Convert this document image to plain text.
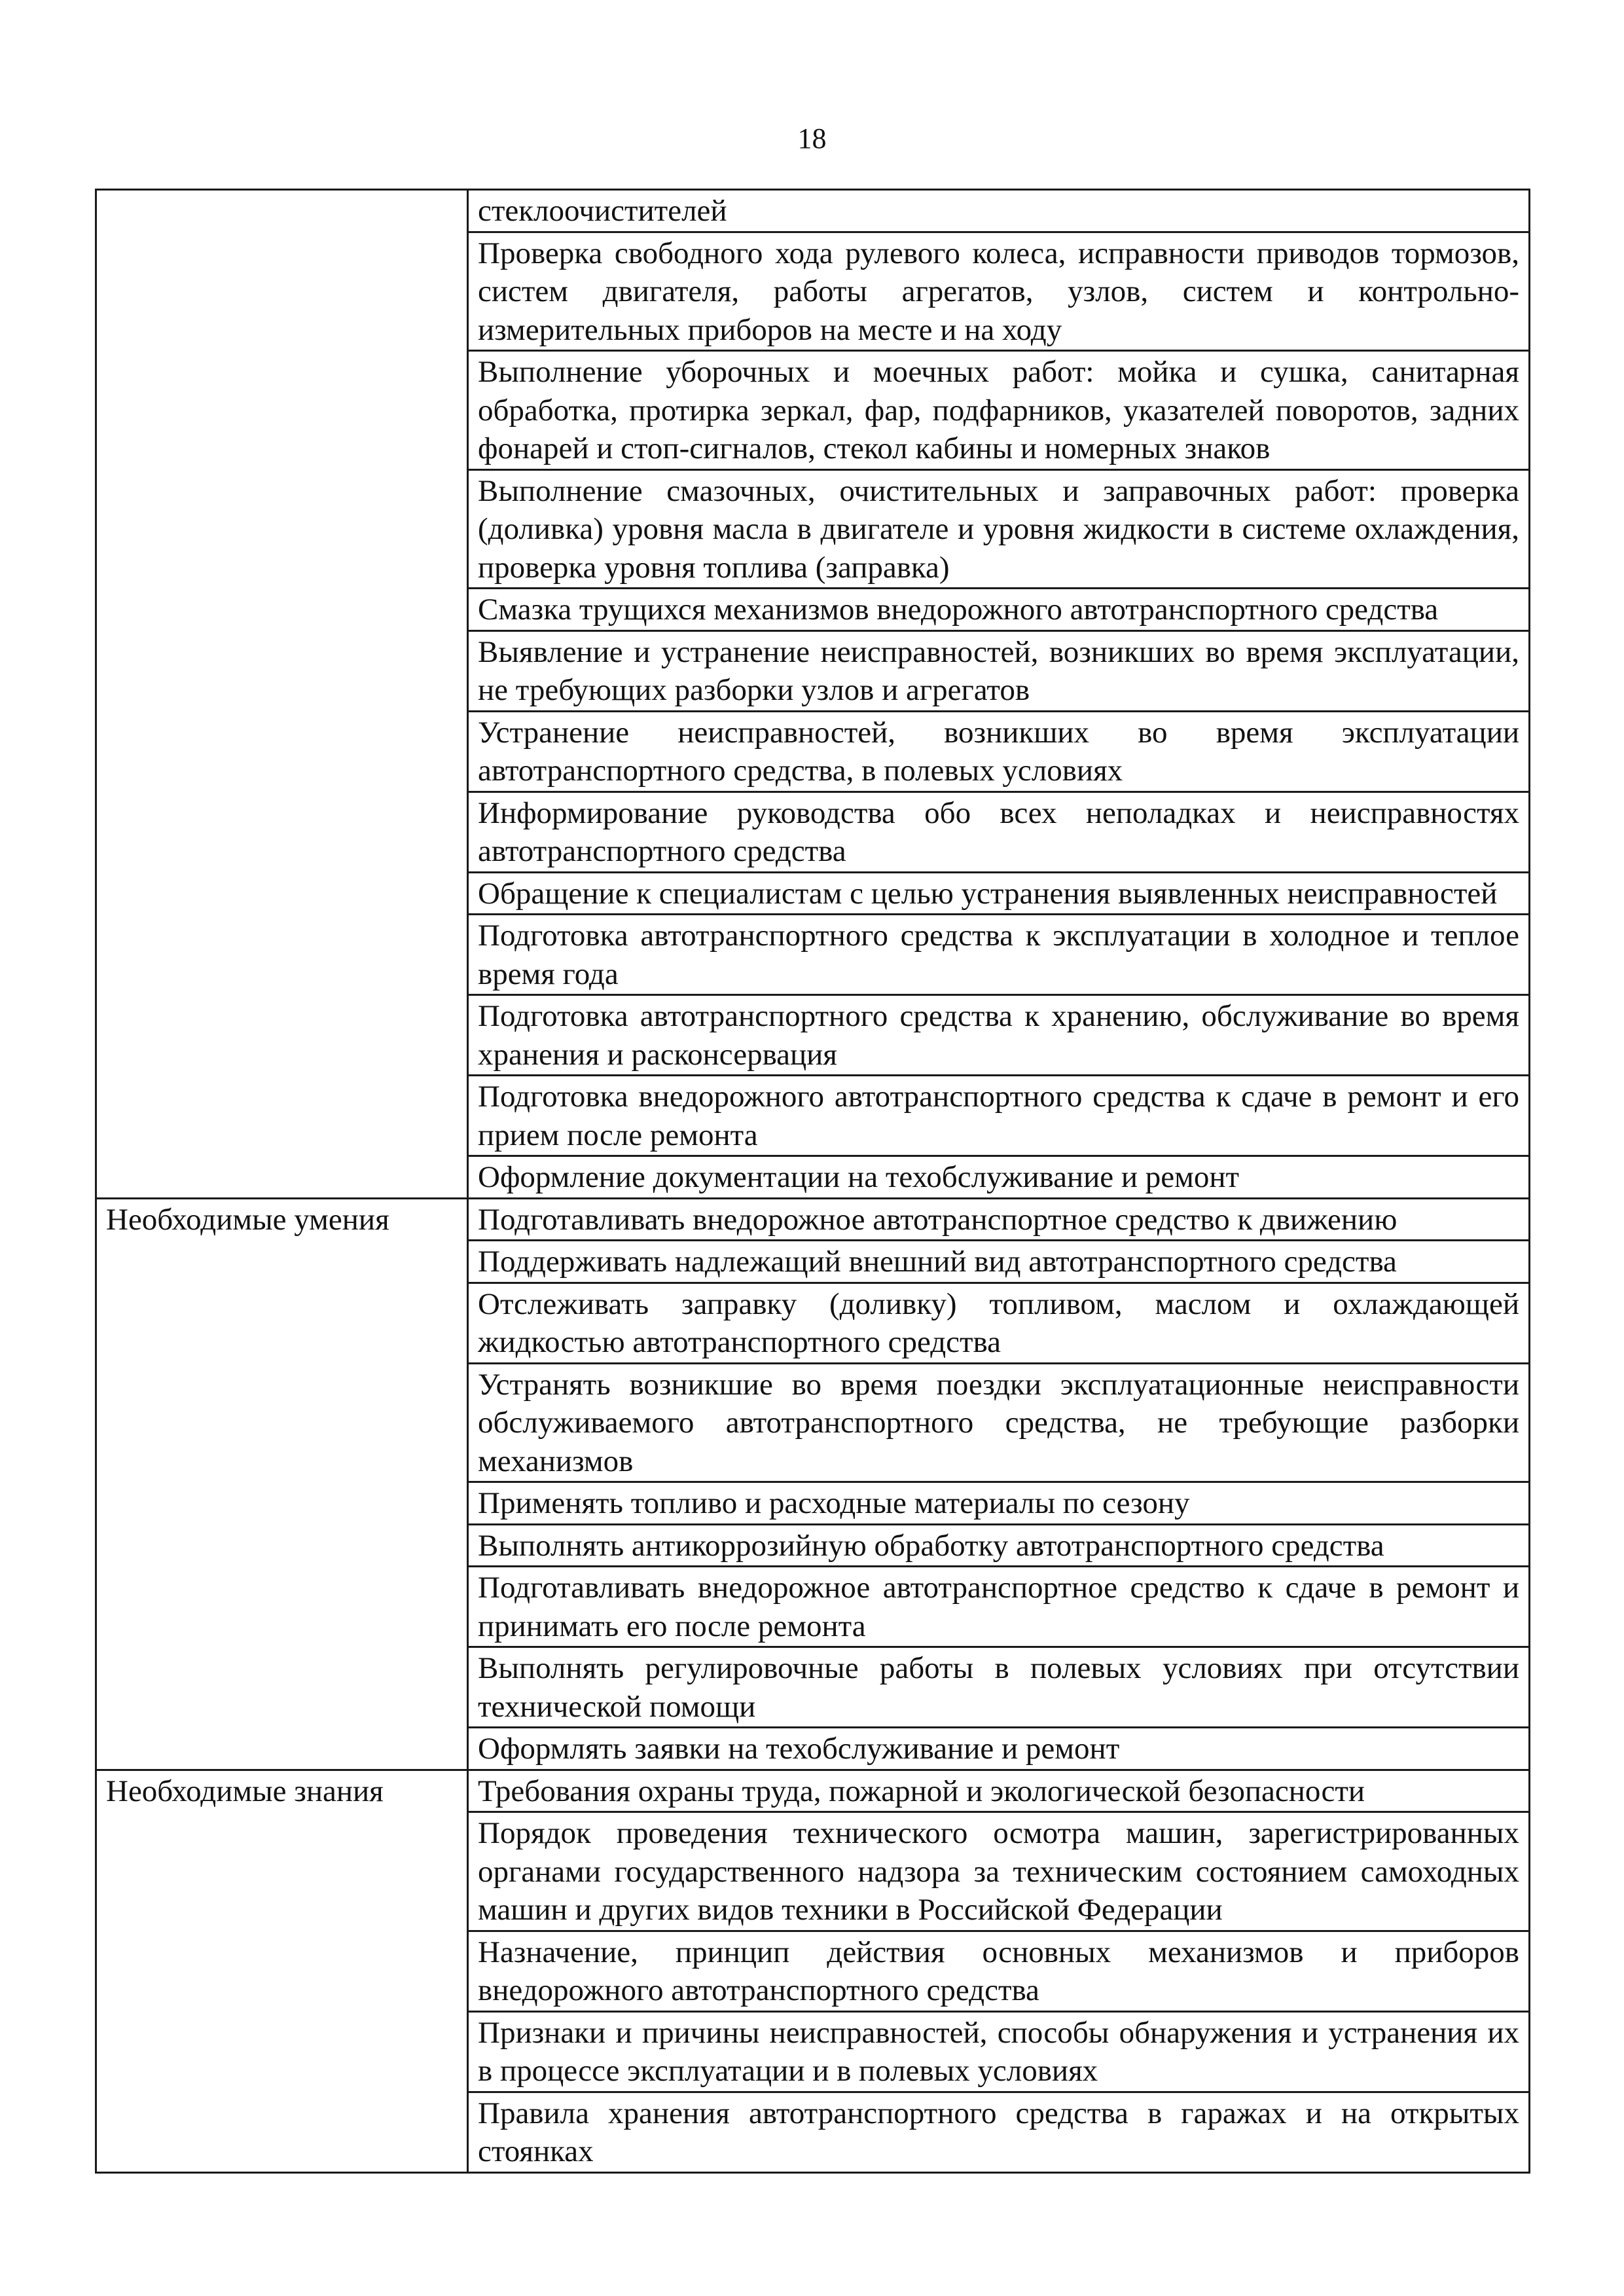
18
	стеклоочистителей
	Проверка свободного хода рулевого колеса, исправности приводов тормозов, систем двигателя, работы агрегатов, узлов, систем и контрольно-измерительных приборов на месте и на ходу
	Выполнение уборочных и моечных работ: мойка и сушка, санитарная обработка, протирка зеркал, фар, подфарников, указателей поворотов, задних фонарей и стоп-сигналов, стекол кабины и номерных знаков
	Выполнение смазочных, очистительных и заправочных работ: проверка (доливка) уровня масла в двигателе и уровня жидкости в системе охлаждения, проверка уровня топлива (заправка)
	Смазка трущихся механизмов внедорожного автотранспортного средства
	Выявление и устранение неисправностей, возникших во время эксплуатации, не требующих разборки узлов и агрегатов
	Устранение неисправностей, возникших во время эксплуатации автотранспортного средства, в полевых условиях
	Информирование руководства обо всех неполадках и неисправностях автотранспортного средства
	Обращение к специалистам с целью устранения выявленных неисправностей
	Подготовка автотранспортного средства к эксплуатации в холодное и теплое время года
	Подготовка автотранспортного средства к хранению, обслуживание во время хранения и расконсервация
	Подготовка внедорожного автотранспортного средства к сдаче в ремонт и его прием после ремонта
	Оформление документации на техобслуживание и ремонт
Необходимые умения	Подготавливать внедорожное автотранспортное средство к движению
	Поддерживать надлежащий внешний вид автотранспортного средства
	Отслеживать заправку (доливку) топливом, маслом и охлаждающей жидкостью автотранспортного средства
	Устранять возникшие во время поездки эксплуатационные неисправности обслуживаемого автотранспортного средства, не требующие разборки механизмов
	Применять топливо и расходные материалы по сезону
	Выполнять антикоррозийную обработку автотранспортного средства
	Подготавливать внедорожное автотранспортное средство к сдаче в ремонт и принимать его после ремонта
	Выполнять регулировочные работы в полевых условиях при отсутствии технической помощи
	Оформлять заявки на техобслуживание и ремонт
Необходимые знания	Требования охраны труда, пожарной и экологической безопасности
	Порядок проведения технического осмотра машин, зарегистрированных органами государственного надзора за техническим состоянием самоходных машин и других видов техники в Российской Федерации
	Назначение, принцип действия основных механизмов и приборов внедорожного автотранспортного средства
	Признаки и причины неисправностей, способы обнаружения и устранения их в процессе эксплуатации и в полевых условиях
	Правила хранения автотранспортного средства в гаражах и на открытых стоянках
